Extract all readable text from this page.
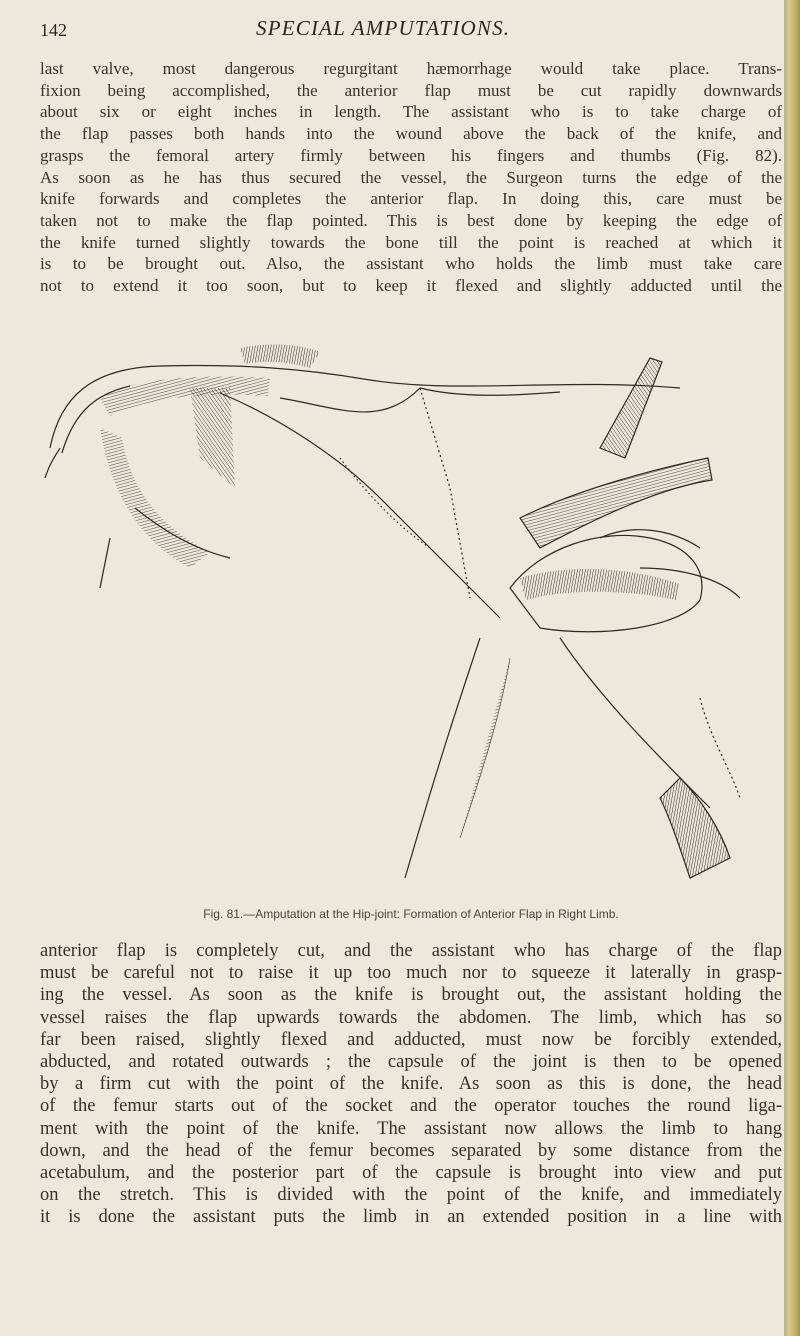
142	SPECIAL AMPUTATIONS.
last valve, most dangerous regurgitant hæmorrhage would take place. Trans-
fixion being accomplished, the anterior flap must be cut rapidly downwards
about six or eight inches in length. The assistant who is to take charge of
the flap passes both hands into the wound above the back of the knife, and
grasps the femoral artery firmly between his fingers and thumbs (Fig. 82).
As soon as he has thus secured the vessel, the Surgeon turns the edge of the
knife forwards and completes the anterior flap. In doing this, care must be
taken not to make the flap pointed. This is best done by keeping the edge of
the knife turned slightly towards the bone till the point is reached at which it
is to be brought out. Also, the assistant who holds the limb must take care
not to extend it too soon, but to keep it flexed and slightly adducted until the
Fig. 81.—Amputation at the Hip-joint: Formation of Anterior Flap in Right Limb.
anterior flap is completely cut, and the assistant who has charge of the flap
must be careful not to raise it up too much nor to squeeze it laterally in grasp-
ing the vessel. As soon as the knife is brought out, the assistant holding the
vessel raises the flap upwards towards the abdomen. The limb, which has so
far been raised, slightly flexed and adducted, must now be forcibly extended,
abducted, and rotated outwards ; the capsule of the joint is then to be opened
by a firm cut with the point of the knife. As soon as this is done, the head
of the femur starts out of the socket and the operator touches the round liga-
ment with the point of the knife. The assistant now allows the limb to hang
down, and the head of the femur becomes separated by some distance from the
acetabulum, and the posterior part of the capsule is brought into view and put
on the stretch. This is divided with the point of the knife, and immediately
it is done the assistant puts the limb in an extended position in a line with
